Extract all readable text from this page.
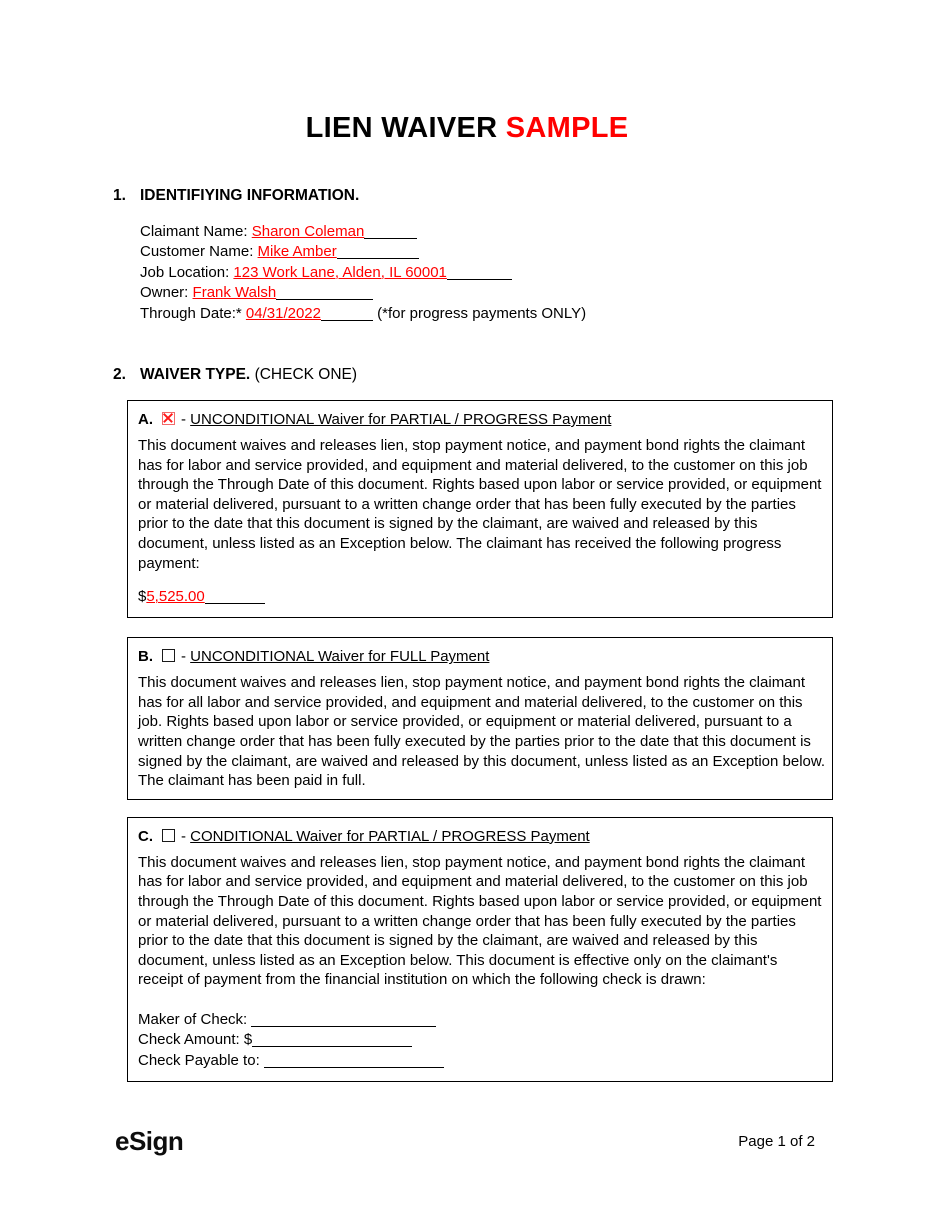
LIEN WAIVER SAMPLE
1. IDENTIFIYING INFORMATION.
Claimant Name: Sharon Coleman
Customer Name: Mike Amber
Job Location: 123 Work Lane, Alden, IL 60001
Owner: Frank Walsh
Through Date:* 04/31/2022	(*for progress payments ONLY)
2. WAIVER TYPE. (CHECK ONE)
A. - UNCONDITIONAL Waiver for PARTIAL / PROGRESS Payment
This document waives and releases lien, stop payment notice, and payment bond rights the claimant has for labor and service provided, and equipment and material delivered, to the customer on this job through the Through Date of this document. Rights based upon labor or service provided, or equipment or material delivered, pursuant to a written change order that has been fully executed by the parties prior to the date that this document is signed by the claimant, are waived and released by this document, unless listed as an Exception below. The claimant has received the following progress payment:
$5,525.00
B. - UNCONDITIONAL Waiver for FULL Payment
This document waives and releases lien, stop payment notice, and payment bond rights the claimant has for all labor and service provided, and equipment and material delivered, to the customer on this job. Rights based upon labor or service provided, or equipment or material delivered, pursuant to a written change order that has been fully executed by the parties prior to the date that this document is signed by the claimant, are waived and released by this document, unless listed as an Exception below. The claimant has been paid in full.
C. - CONDITIONAL Waiver for PARTIAL / PROGRESS Payment
This document waives and releases lien, stop payment notice, and payment bond rights the claimant has for labor and service provided, and equipment and material delivered, to the customer on this job through the Through Date of this document. Rights based upon labor or service provided, or equipment or material delivered, pursuant to a written change order that has been fully executed by the parties prior to the date that this document is signed by the claimant, are waived and released by this document, unless listed as an Exception below. This document is effective only on the claimant's receipt of payment from the financial institution on which the following check is drawn:
Maker of Check:
Check Amount: $
Check Payable to:
eSign	Page 1 of 2
